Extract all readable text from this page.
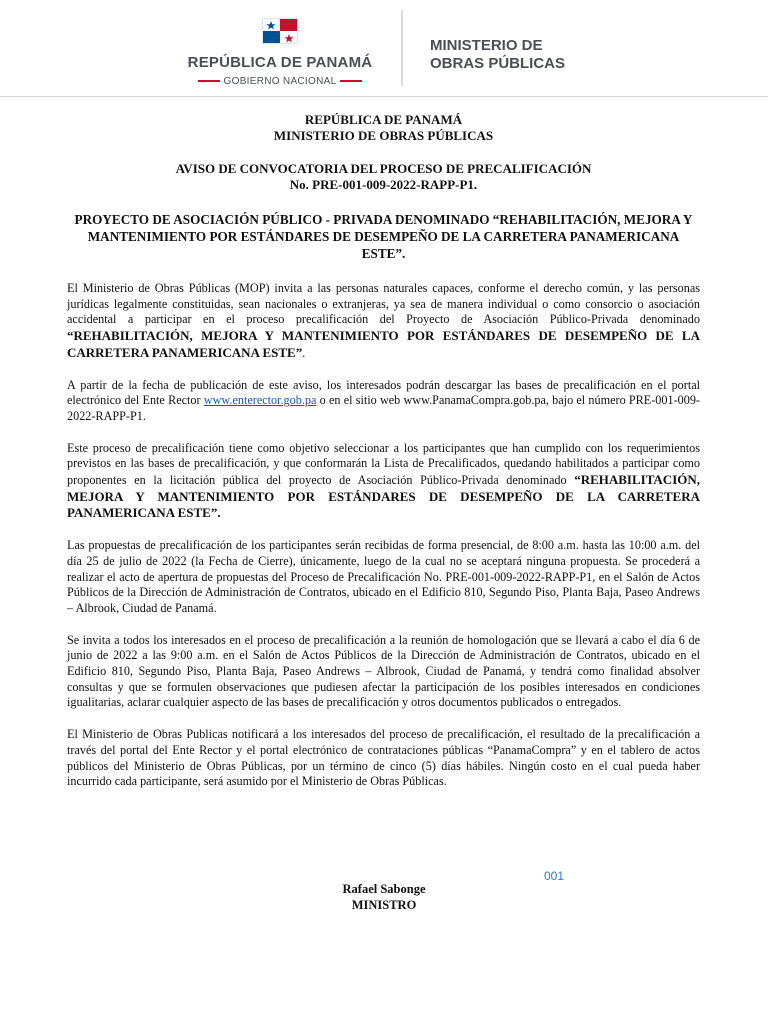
REPÚBLICA DE PANAMÁ
GOBIERNO NACIONAL
MINISTERIO DE
OBRAS PÚBLICAS
REPÚBLICA DE PANAMÁ
MINISTERIO DE OBRAS PÚBLICAS
AVISO DE CONVOCATORIA DEL PROCESO DE PRECALIFICACIÓN
No. PRE-001-009-2022-RAPP-P1.
PROYECTO DE ASOCIACIÓN PÚBLICO - PRIVADA DENOMINADO “REHABILITACIÓN, MEJORA Y MANTENIMIENTO POR ESTÁNDARES DE DESEMPEÑO DE LA CARRETERA PANAMERICANA ESTE”.

El Ministerio de Obras Públicas (MOP) invita a las personas naturales capaces, conforme el derecho común, y las personas jurídicas legalmente constituidas, sean nacionales o extranjeras, ya sea de manera individual o como consorcio o asociación accidental a participar en el proceso precalificación del Proyecto de Asociación Público-Privada denominado “REHABILITACIÓN, MEJORA Y MANTENIMIENTO POR ESTÁNDARES DE DESEMPEÑO DE LA CARRETERA PANAMERICANA ESTE”.

A partir de la fecha de publicación de este aviso, los interesados podrán descargar las bases de precalificación en el portal electrónico del Ente Rector www.enterector.gob.pa o en el sitio web www.PanamaCompra.gob.pa, bajo el número PRE-001-009-2022-RAPP-P1.

Este proceso de precalificación tiene como objetivo seleccionar a los participantes que han cumplido con los requerimientos previstos en las bases de precalificación, y que conformarán la Lista de Precalificados, quedando habilitados a participar como proponentes en la licitación pública del proyecto de Asociación Público-Privada denominado “REHABILITACIÓN, MEJORA Y MANTENIMIENTO POR ESTÁNDARES DE DESEMPEÑO DE LA CARRETERA PANAMERICANA ESTE”.

Las propuestas de precalificación de los participantes serán recibidas de forma presencial, de 8:00 a.m. hasta las 10:00 a.m. del día 25 de julio de 2022 (la Fecha de Cierre), únicamente, luego de la cual no se aceptará ninguna propuesta. Se procederá a realizar el acto de apertura de propuestas del Proceso de Precalificación No. PRE-001-009-2022-RAPP-P1, en el Salón de Actos Públicos de la Dirección de Administración de Contratos, ubicado en el Edificio 810, Segundo Piso, Planta Baja, Paseo Andrews – Albrook, Ciudad de Panamá.

Se invita a todos los interesados en el proceso de precalificación a la reunión de homologación que se llevará a cabo el día 6 de junio de 2022 a las 9:00 a.m. en el Salón de Actos Públicos de la Dirección de Administración de Contratos, ubicado en el Edificio 810, Segundo Piso, Planta Baja, Paseo Andrews – Albrook, Ciudad de Panamá, y tendrá como finalidad absolver consultas y que se formulen observaciones que pudiesen afectar la participación de los posibles interesados en condiciones igualitarias, aclarar cualquier aspecto de las bases de precalificación y otros documentos publicados o entregados.

El Ministerio de Obras Publicas notificará a los interesados del proceso de precalificación, el resultado de la precalificación a través del portal del Ente Rector y el portal electrónico de contrataciones públicas “PanamaCompra” y en el tablero de actos públicos del Ministerio de Obras Públicas, por un término de cinco (5) días hábiles. Ningún costo en el cual pueda haber incurrido cada participante, será asumido por el Ministerio de Obras Públicas.

001
Rafael Sabonge
MINISTRO
